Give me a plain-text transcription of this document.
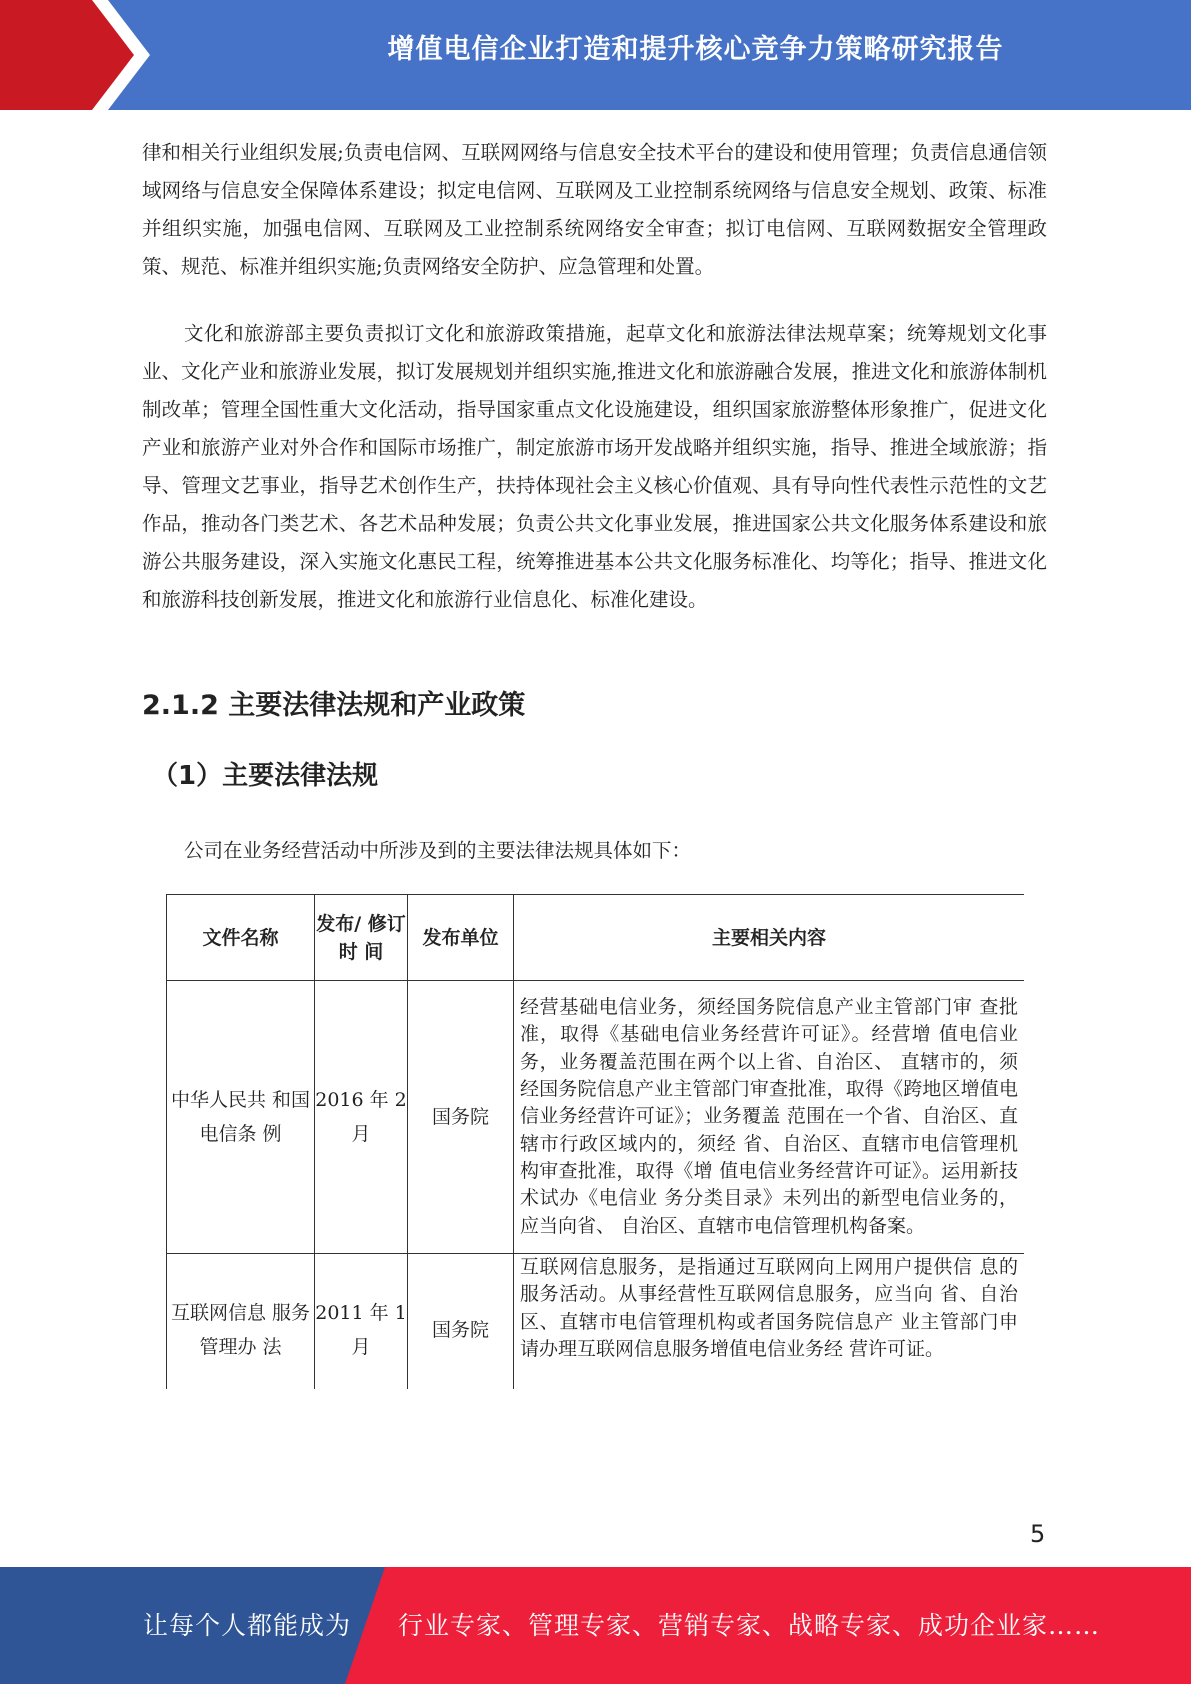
增值电信企业打造和提升核心竞争力策略研究报告

律和相关行业组织发展;负责电信网、互联网网络与信息安全技术平台的建设和使用管理；负责信息通信领域网络与信息安全保障体系建设；拟定电信网、互联网及工业控制系统网络与信息安全规划、政策、标准并组织实施，加强电信网、互联网及工业控制系统网络安全审查；拟订电信网、互联网数据安全管理政策、规范、标准并组织实施;负责网络安全防护、应急管理和处置。

文化和旅游部主要负责拟订文化和旅游政策措施，起草文化和旅游法律法规草案；统筹规划文化事业、文化产业和旅游业发展，拟订发展规划并组织实施,推进文化和旅游融合发展，推进文化和旅游体制机制改革；管理全国性重大文化活动，指导国家重点文化设施建设，组织国家旅游整体形象推广，促进文化产业和旅游产业对外合作和国际市场推广，制定旅游市场开发战略并组织实施，指导、推进全域旅游；指导、管理文艺事业，指导艺术创作生产，扶持体现社会主义核心价值观、具有导向性代表性示范性的文艺作品，推动各门类艺术、各艺术品种发展；负责公共文化事业发展，推进国家公共文化服务体系建设和旅游公共服务建设，深入实施文化惠民工程，统筹推进基本公共文化服务标准化、均等化；指导、推进文化和旅游科技创新发展，推进文化和旅游行业信息化、标准化建设。

2.1.2 主要法律法规和产业政策
（1）主要法律法规

公司在业务经营活动中所涉及到的主要法律法规具体如下：

文件名称	发布/ 修订时 间	发布单位	主要相关内容
中华人民共 和国电信条 例	2016 年 2 月	国务院	经营基础电信业务，须经国务院信息产业主管部门审 查批准，取得《基础电信业务经营许可证》。经营增 值电信业务，业务覆盖范围在两个以上省、自治区、 直辖市的，须经国务院信息产业主管部门审查批准，取得《跨地区增值电信业务经营许可证》；业务覆盖 范围在一个省、自治区、直辖市行政区域内的，须经 省、自治区、直辖市电信管理机构审查批准，取得《增 值电信业务经营许可证》。运用新技术试办《电信业 务分类目录》未列出的新型电信业务的，应当向省、 自治区、直辖市电信管理机构备案。
互联网信息 服务管理办 法	2011 年 1 月	国务院	互联网信息服务，是指通过互联网向上网用户提供信 息的服务活动。从事经营性互联网信息服务，应当向 省、自治区、直辖市电信管理机构或者国务院信息产 业主管部门申请办理互联网信息服务增值电信业务经 营许可证。
5
让每个人都能成为 行业专家、管理专家、营销专家、战略专家、成功企业家……
